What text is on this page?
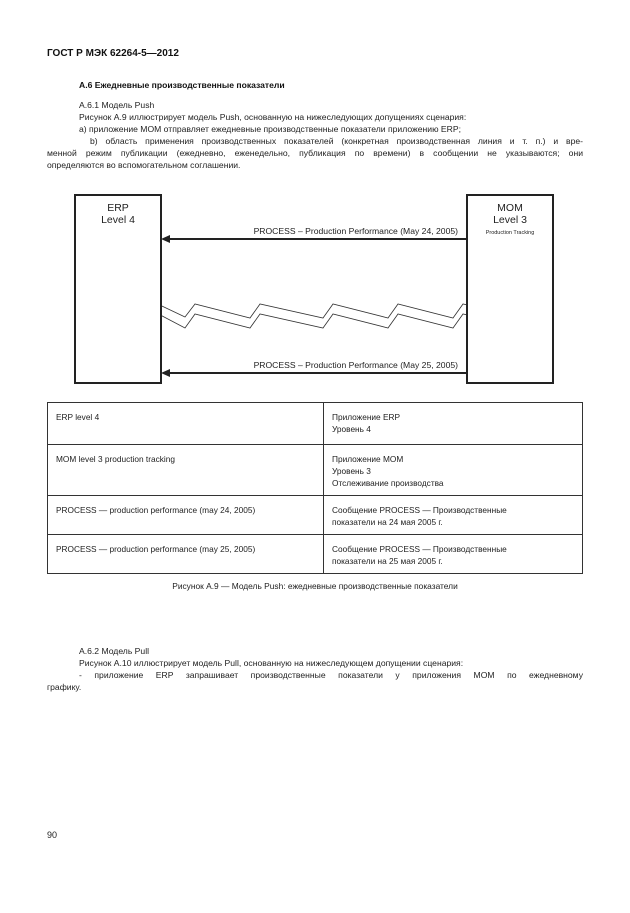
ГОСТ Р МЭК 62264-5—2012
А.6 Ежедневные производственные показатели
А.6.1 Модель Push
Рисунок А.9 иллюстрирует модель Push, основанную на нижеследующих допущениях сценария:
а) приложение МОМ отправляет ежедневные производственные показатели приложению ERP;
b) область применения производственных показателей (конкретная производственная линия и т. п.) и вре-
менной режим публикации (ежедневно, еженедельно, публикация по времени) в сообщении не указываются; они
определяются во вспомогательном соглашении.
ERP
Level 4
MOM
Level 3
Production Tracking
PROCESS – Production Performance (May 24, 2005)
PROCESS – Production Performance (May 25, 2005)
ERP level 4	Приложение ERP
Уровень 4

MOM level 3 production tracking	Приложение МОМ
Уровень 3
Отслеживание производства

PROCESS — production performance (may 24, 2005)	Сообщение PROCESS — Производственные
показатели на 24 мая 2005 г.

PROCESS — production performance (may 25, 2005)	Сообщение PROCESS — Производственные
показатели на 25 мая 2005 г.
Рисунок А.9 — Модель Push: ежедневные производственные показатели
А.6.2 Модель Pull
Рисунок А.10 иллюстрирует модель Pull, основанную на нижеследующем допущении сценария:
- приложение ERP запрашивает производственные показатели у приложения МОМ по ежедневному
графику.
90
